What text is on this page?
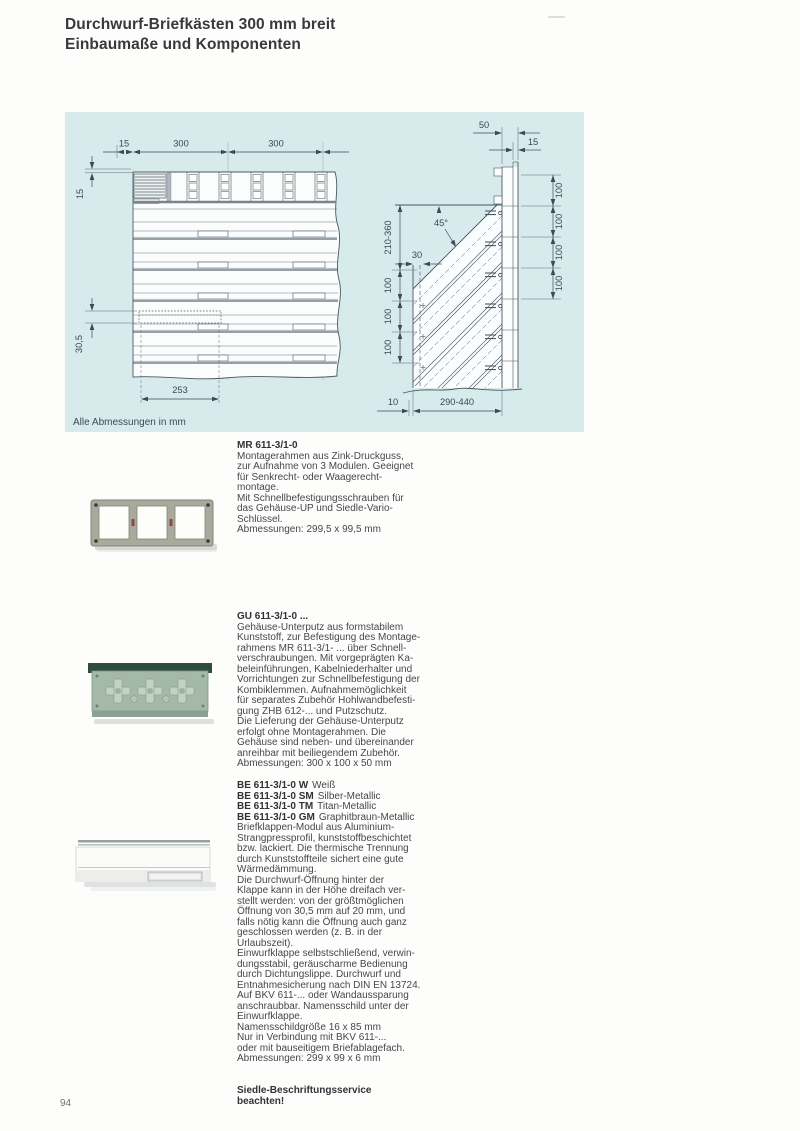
Durchwurf-Briefkästen 300 mm breit
Einbaumaße und Komponenten
15	300	300
15
30,5
253
50
15
100
100
100
100
210-360
100
100
100
45°
30
10	290-440
Alle Abmessungen in mm
MR 611-3/1-0
Montagerahmen aus Zink-Druckguss,
zur Aufnahme von 3 Modulen. Geeignet
für Senkrecht- oder Waagerecht-
montage.
Mit Schnellbefestigungsschrauben für
das Gehäuse-UP und Siedle-Vario-
Schlüssel.
Abmessungen: 299,5 x 99,5 mm
GU 611-3/1-0 ...
Gehäuse-Unterputz aus formstabilem
Kunststoff, zur Befestigung des Montage-
rahmens MR 611-3/1- ... über Schnell-
verschraubungen. Mit vorgeprägten Ka-
beleinführungen, Kabelniederhalter und
Vorrichtungen zur Schnellbefestigung der
Kombiklemmen. Aufnahmemöglichkeit
für separates Zubehör Hohlwandbefesti-
gung ZHB 612-... und Putzschutz.
Die Lieferung der Gehäuse-Unterputz
erfolgt ohne Montagerahmen. Die
Gehäuse sind neben- und übereinander
anreihbar mit beiliegendem Zubehör.
Abmessungen: 300 x 100 x 50 mm
BE 611-3/1-0 W Weiß
BE 611-3/1-0 SM Silber-Metallic
BE 611-3/1-0 TM Titan-Metallic
BE 611-3/1-0 GM Graphitbraun-Metallic
Briefklappen-Modul aus Aluminium-
Strangpressprofil, kunststoffbeschichtet
bzw. lackiert. Die thermische Trennung
durch Kunststoffteile sichert eine gute
Wärmedämmung.
Die Durchwurf-Öffnung hinter der
Klappe kann in der Höhe dreifach ver-
stellt werden: von der größtmöglichen
Öffnung von 30,5 mm auf 20 mm, und
falls nötig kann die Öffnung auch ganz
geschlossen werden (z. B. in der
Urlaubszeit).
Einwurfklappe selbstschließend, verwin-
dungsstabil, geräuscharme Bedienung
durch Dichtungslippe. Durchwurf und
Entnahmesicherung nach DIN EN 13724.
Auf BKV 611-... oder Wandaussparung
anschraubbar. Namensschild unter der
Einwurfklappe.
Namensschildgröße 16 x 85 mm
Nur in Verbindung mit BKV 611-...
oder mit bauseitigem Briefablagefach.
Abmessungen: 299 x 99 x 6 mm
Siedle-Beschriftungsservice
beachten!
94
